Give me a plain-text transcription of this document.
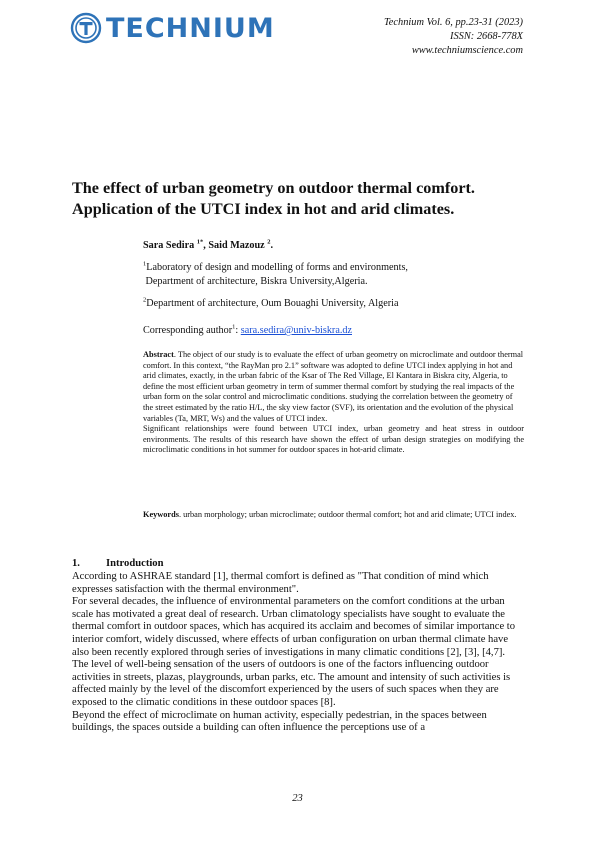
TECHNIUM	Technium Vol. 6, pp.23-31 (2023)
ISSN: 2668-778X
www.techniumscience.com
The effect of urban geometry on outdoor thermal comfort.
Application of the UTCI index in hot and arid climates.
Sara Sedira $^{1*}$, Said Mazouz $^2$.
$^1$Laboratory of design and modelling of forms and environments,
Department of architecture, Biskra University,Algeria.
$^2$Department of architecture, Oum Bouaghi University, Algeria
Corresponding author$^1$: sara.sedira@univ-biskra.dz

Abstract. The object of our study is to evaluate the effect of urban geometry on microclimate and outdoor thermal comfort. In this context, “the RayMan pro 2.1” software was adopted to define UTCI index applying in hot and arid climates, exactly, in the urban fabric of the Ksar of The Red Village, El Kantara in Biskra city, Algeria, to define the most efficient urban geometry in term of summer thermal comfort by studying the real impacts of the urban form on the solar control and microclimatic conditions. studying the correlation between the geometry of the street estimated by the ratio H/L, the sky view factor (SVF), its orientation and the evolution of the physical variables (Ta, MRT, Ws) and the values of UTCI index.

Significant relationships were found between UTCI index, urban geometry and heat stress in outdoor environments. The results of this research have shown the effect of urban design strategies on modifying the microclimatic conditions in hot summer for outdoor spaces in hot-arid climate.

Keywords. urban morphology; urban microclimate; outdoor thermal comfort; hot and arid climate; UTCI index.
1. Introduction

According to ASHRAE standard [1], thermal comfort is defined as "That condition of mind which expresses satisfaction with the thermal environment".

For several decades, the influence of environmental parameters on the comfort conditions at the urban scale has motivated a great deal of research. Urban climatology specialists have sought to evaluate the thermal comfort in outdoor spaces, which has acquired its acclaim and becomes of similar importance to interior comfort, widely discussed, where effects of urban configuration on urban thermal climate have also been recently explored through series of investigations in many climatic conditions [2], [3], [4,7].

The level of well-being sensation of the users of outdoors is one of the factors influencing outdoor activities in streets, plazas, playgrounds, urban parks, etc. The amount and intensity of such activities is affected mainly by the level of the discomfort experienced by the users of such spaces when they are exposed to the climatic conditions in these outdoor spaces [8].

Beyond the effect of microclimate on human activity, especially pedestrian, in the spaces between buildings, the spaces outside a building can often influence the perceptions use of a

23
